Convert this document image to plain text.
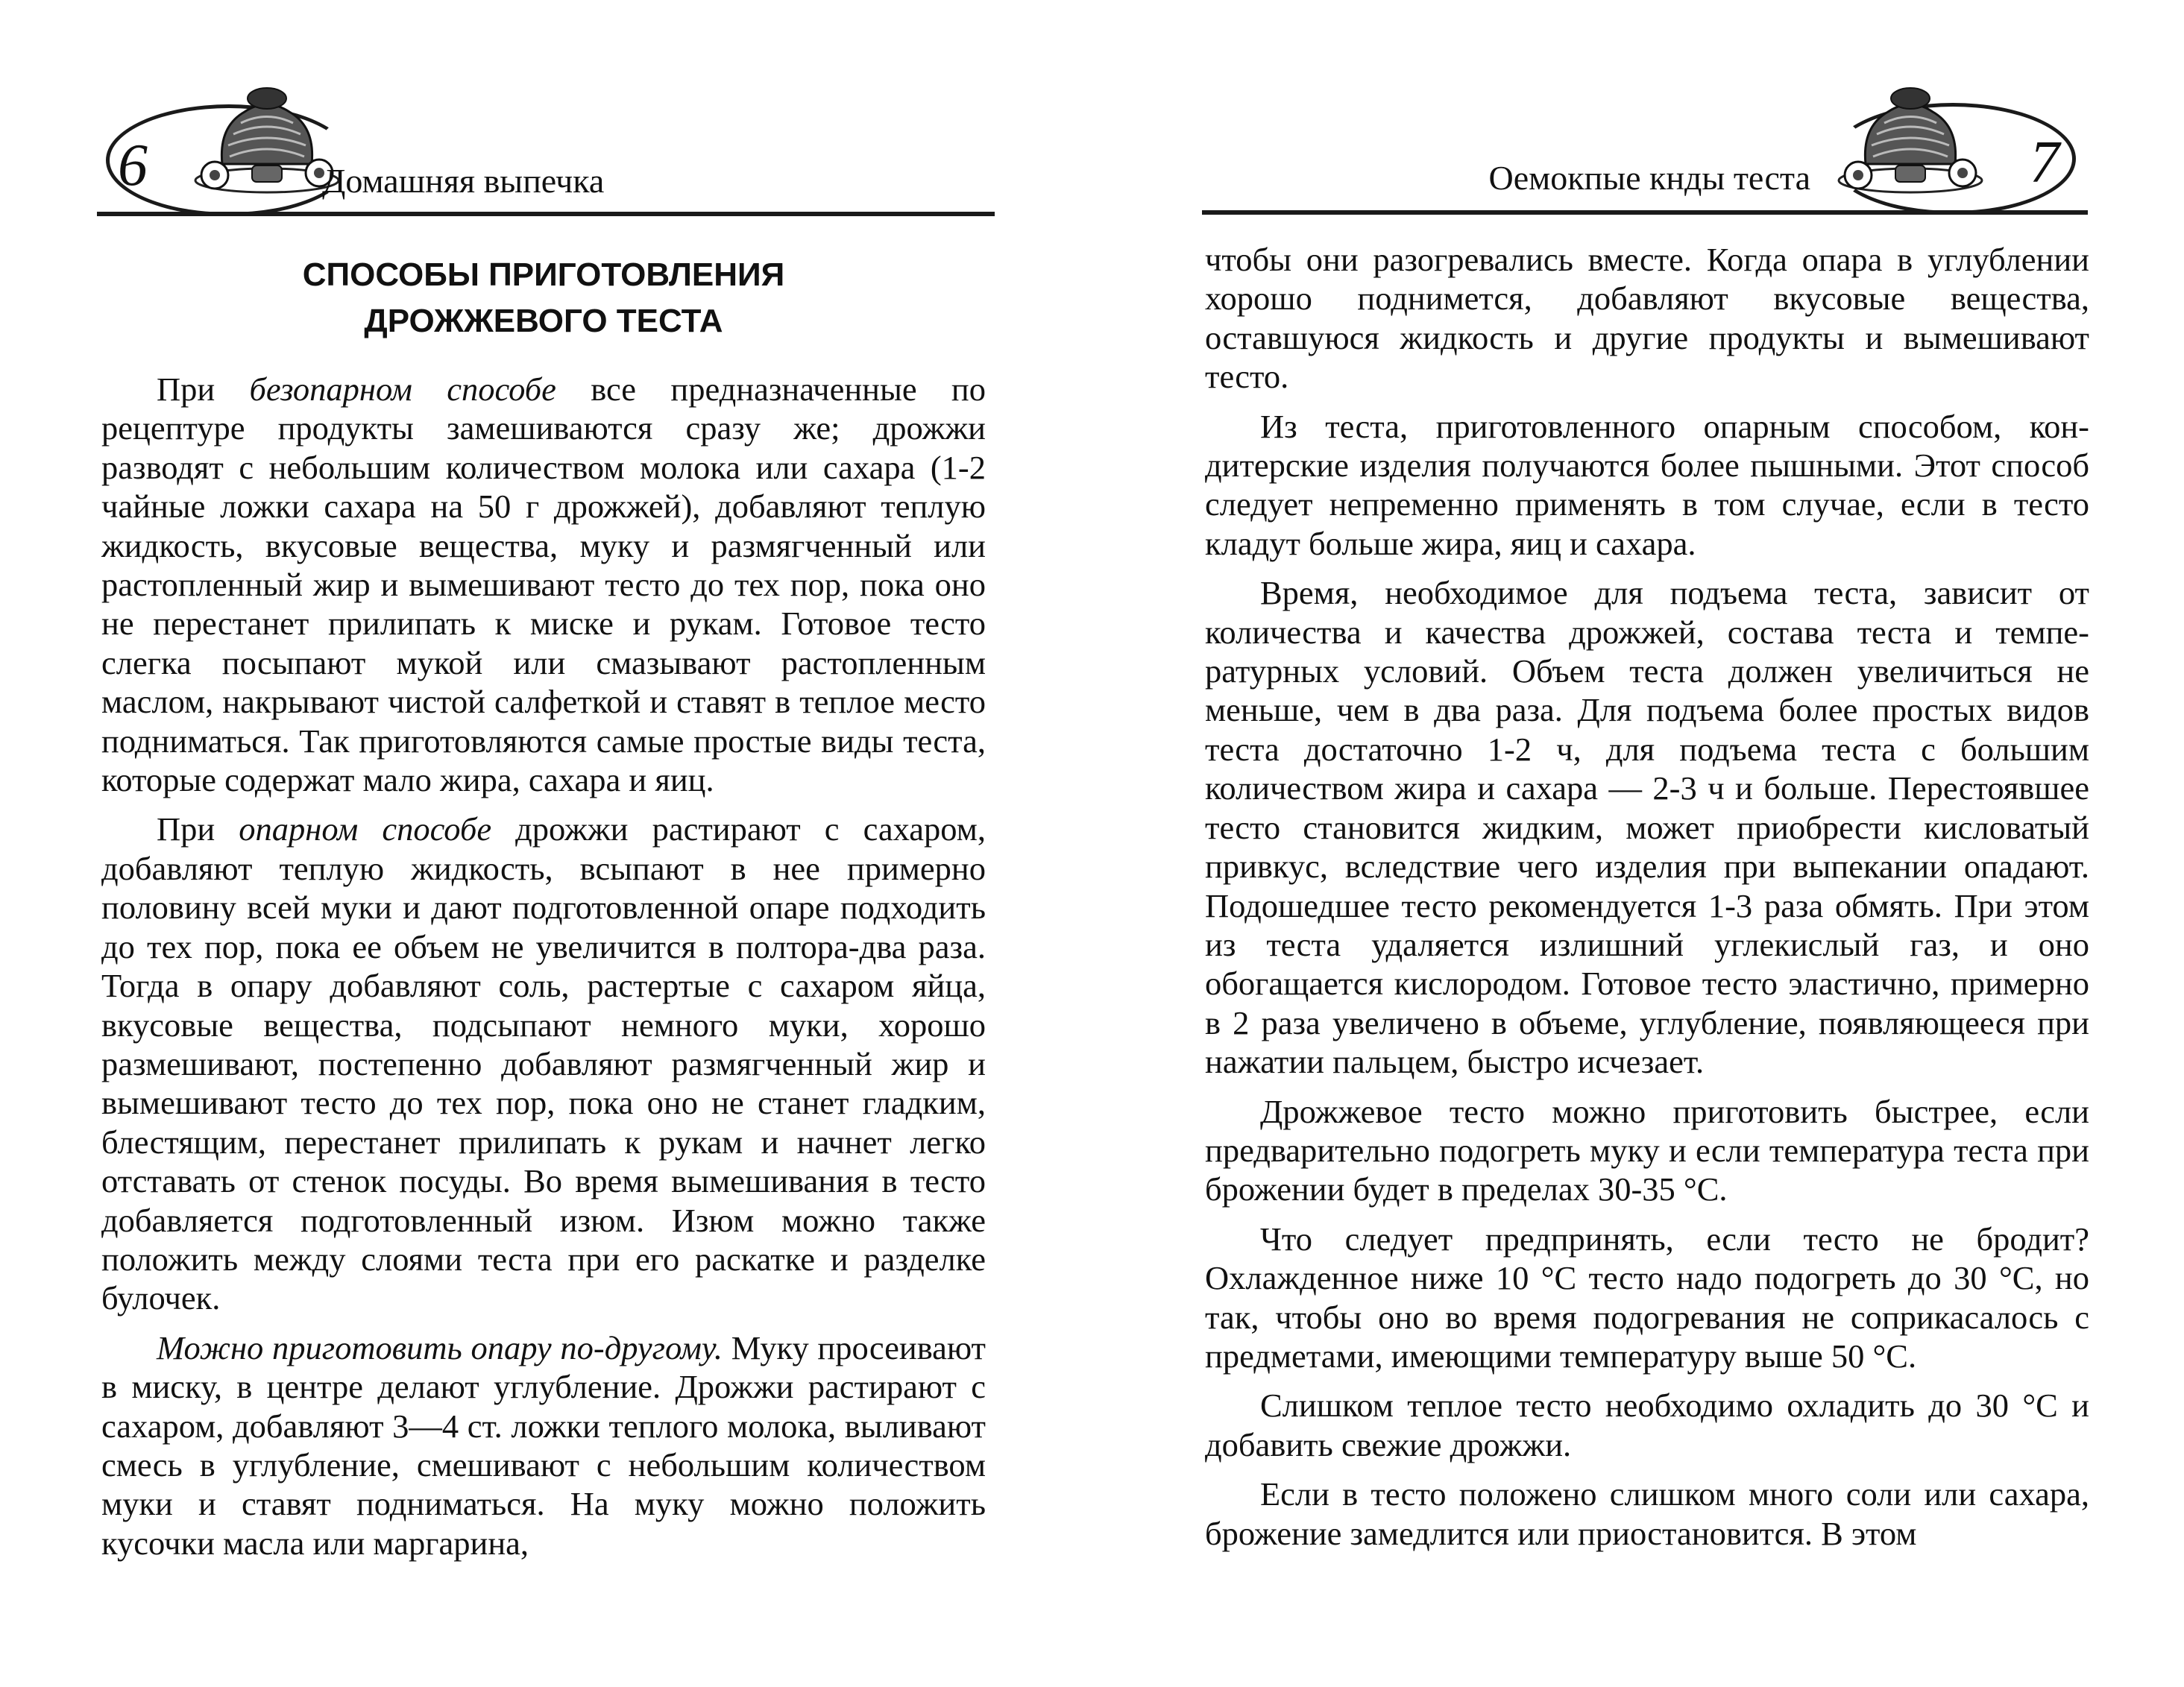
6	Домашняя выпечка
СПОСОБЫ ПРИГОТОВЛЕНИЯ
ДРОЖЖЕВОГО ТЕСТА

При безопарном способе все предназначенные по рецептуре продукты замешиваются сразу же; дрожжи разводят с небольшим количеством молока или сахара (1-2 чайные ложки сахара на 50 г дрожжей), добавляют теплую жидкость, вкусовые вещества, муку и размягченный или растопленный жир и вымешивают тесто до тех пор, пока оно не перестанет прилипать к миске и рукам. Готовое тесто слегка посыпают мукой или смазывают растопленным маслом, накрывают чистой салфеткой и ставят в теплое место подниматься. Так приготовляются самые простые виды теста, которые содержат мало жира, сахара и яиц.

При опарном способе дрожжи растирают с сахаром, добавляют теплую жидкость, всыпают в нее примерно половину всей муки и дают подготовленной опаре подходить до тех пор, пока ее объем не увеличится в полтора-два раза. Тогда в опару добавляют соль, растертые с сахаром яйца, вкусовые вещества, подсыпают немного муки, хорошо размешивают, постепенно добавляют размягченный жир и вымешивают тесто до тех пор, пока оно не станет гладким, блестящим, перестанет прилипать к рукам и начнет легко отставать от стенок посуды. Во время вымешивания в тесто добавляется подготовленный изюм. Изюм можно также положить между слоями теста при его раскатке и разделке булочек.

Можно приготовить опару по-другому. Муку просеивают в миску, в центре делают углубление. Дрожжи растирают с сахаром, добавляют 3—4 ст. ложки теплого молока, выливают смесь в углубление, смешивают с небольшим количеством муки и ставят подниматься. На муку можно положить кусочки масла или маргарина,

7
Оемокпые кнды теста

чтобы они разогревались вместе. Когда опара в углублении хорошо поднимется, добавляют вкусовые вещества, оставшуюся жидкость и другие продукты и вымешивают тесто.

Из теста, приготовленного опарным способом, кондитерские изделия получаются более пышными. Этот способ следует непременно применять в том случае, если в тесто кладут больше жира, яиц и сахара.

Время, необходимое для подъема теста, зависит от количества и качества дрожжей, состава теста и температурных условий. Объем теста должен увеличиться не меньше, чем в два раза. Для подъема более простых видов теста достаточно 1-2 ч, для подъема теста с большим количеством жира и сахара — 2-3 ч и больше. Перестоявшее тесто становится жидким, может приобрести кисловатый привкус, вследствие чего изделия при выпекании опадают. Подошедшее тесто рекомендуется 1-3 раза обмять. При этом из теста удаляется излишний углекислый газ, и оно обогащается кислородом. Готовое тесто эластично, примерно в 2 раза увеличено в объеме, углубление, появляющееся при нажатии пальцем, быстро исчезает.

Дрожжевое тесто можно приготовить быстрее, если предварительно подогреть муку и если температура теста при брожении будет в пределах 30-35 °С.

Что следует предпринять, если тесто не бродит? Охлажденное ниже 10 °С тесто надо подогреть до 30 °С, но так, чтобы оно во время подогревания не соприкасалось с предметами, имеющими температуру выше 50 °С.

Слишком теплое тесто необходимо охладить до 30 °С и добавить свежие дрожжи.

Если в тесто положено слишком много соли или сахара, брожение замедлится или приостановится. В этом
